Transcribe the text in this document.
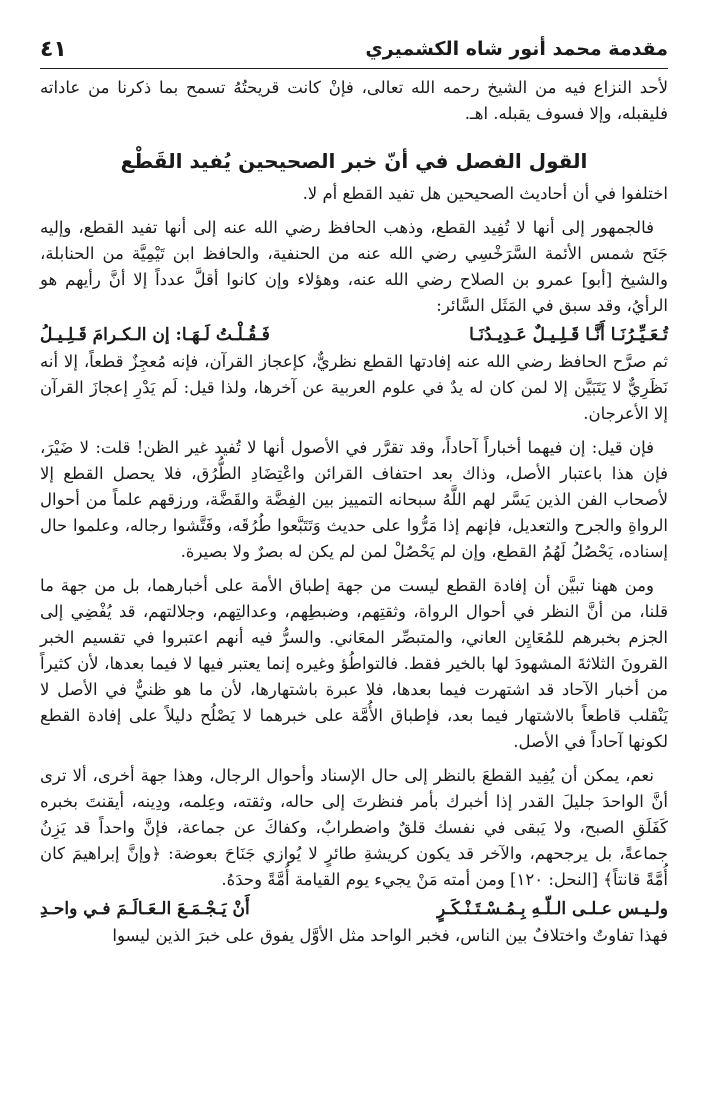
مقدمة محمد أنور شاه الكشميري
٤١

لأحد النزاع فيه من الشيخ رحمه الله تعالى، فإنْ كانت قريحتُهُ تسمح بما ذكرنا من عاداته فليقبله، وإلا فسوف يقبله. اهـ.

القول الفصل في أنّ خبر الصحيحين يُفيد القَطْع

اختلفوا في أن أحاديث الصحيحين هل تفيد القطع أم لا.

فالجمهور إلى أنها لا تُفِيد القطع، وذهب الحافظ رضي الله عنه إلى أنها تفيد القطع، وإليه جَنَح شمس الأئمة السَّرَخْسِي رضي الله عنه من الحنفية، والحافظ ابن تَيْمِيَّة من الحنابلة، والشيخ [أبو] عمرو بن الصلاح رضي الله عنه، وهؤلاء وإن كانوا أقلَّ عدداً إلا أنَّ رأيهم هو الرأيُ، وقد سبق في المَثَل السَّائر:

تُـعَـيِّـرُنَـا أَنَّـا قَـلِـيـلٌ عَـدِيـدُنَـا
فَـقُـلْـتُ لَـهَـا: إن الـكـرامَ قَـلِـيـلُ

ثم صرَّح الحافظ رضي الله عنه إفادتها القطع نظريٌّ، كإعجاز القرآن، فإنه مُعجِزٌ قطعاً، إلا أنه نَظَرِيٌّ لا يَتَبَيَّن إلا لمن كان له يدٌ في علوم العربية عن آخرها، ولذا قيل: لَم يَدْرِ إعجازَ القرآن إلا الأعرجان.

فإن قيل: إن فيهما أخباراً آحاداً، وقد تقرَّر في الأصول أنها لا تُفيد غير الظن! قلت: لا ضَيْرَ، فإن هذا باعتبار الأصل، وذاك بعد احتفاف القرائن واعْتِضَادِ الطُّرُق، فلا يحصل القطع إلا لأصحاب الفن الذين يَسَّر لهم اللَّهُ سبحانه التمييز بين الفِضَّة والقَضَّة، ورزقهم علماً من أحوال الرواةِ والجرح والتعديل، فإنهم إذا مَرُّوا على حديث وَتَتَبَّعوا طُرُقَه، وفَتَّشوا رجاله، وعلموا حال إسناده، يَحْصُلُ لَهُمُ القطع، وإن لم يَحْصُلْ لمن لم يكن له بصرٌ ولا بصيرة.

ومن ههنا تبيَّن أن إفادة القطع ليست من جهة إطباق الأمة على أخبارهما، بل من جهة ما قلنا، من أنَّ النظر في أحوال الرواة، وثقتِهم، وضبطِهم، وعدالتِهم، وجلالتهم، قد يُفْضِي إلى الجزم بخبرهم للمُعَايِن العاني، والمتبصِّر المعَاني. والسرُّ فيه أنهم اعتبروا في تقسيم الخبر القرونَ الثلاثةَ المشهودَ لها بالخير فقط. فالتواطُؤ وغيره إنما يعتبر فيها لا فيما بعدها، لأن كثيراً من أخبار الآحاد قد اشتهرت فيما بعدها، فلا عبرة باشتهارها، لأن ما هو ظنيٌّ في الأصل لا يَنْقلب قاطعاً بالاشتهار فيما بعد، فإطباق الأُمَّة على خبرهما لا يَصْلُح دليلاً على إفادة القطع لكونها آحاداً في الأصل.

نعم، يمكن أن يُفِيد القطعَ بالنظر إلى حال الإسناد وأحوال الرجال، وهذا جهة أخرى، ألا ترى أنَّ الواحدَ جليلَ القدر إذا أخبرك بأمر فنظرتَ إلى حاله، وثقته، وعِلمه، ودِينه، أيقنتَ بخبره كَفَلَقِ الصبح، ولا يَبقى في نفسك قلقٌ واضطرابٌ، وكفاكَ عن جماعة، فإنَّ واحداً قد يَزِنُ جماعةً، بل يرجحهم، والآخر قد يكون كريشةِ طائرٍ لا يُوازي جَنَاحَ بعوضة: ﴿وإنَّ إبراهيمَ كان أُمَّةً قانتاً﴾ [النحل: ١٢٠] ومن أمته مَنْ يجيء يوم القيامة أُمَّةً وحدَهُ.

ولـيـس عـلـى الـلّـهِ بِـمُـسْـتَـنْـكَـرٍ
أَنْ يَـجْـمَـعَ الـعَـالَـمَ فـي واحـدِ

فهذا تفاوتٌ واختلافٌ بين الناس، فخبر الواحد مثل الأوَّل يفوق على خبرَ الذين ليسوا
